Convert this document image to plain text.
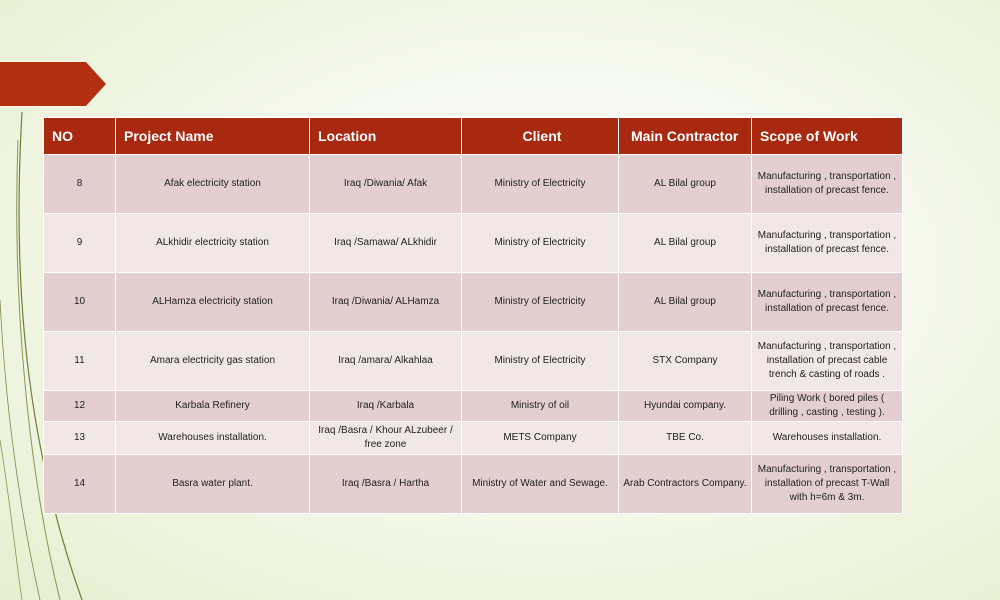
NO	Project Name	Location	Client	Main Contractor	Scope of Work
8	Afak electricity station	Iraq /Diwania/ Afak	Ministry of Electricity	AL Bilal group	Manufacturing , transportation , installation of precast fence.
9	ALkhidir electricity station	Iraq /Samawa/ ALkhidir	Ministry of Electricity	AL Bilal group	Manufacturing , transportation , installation of precast fence.
10	ALHamza electricity station	Iraq /Diwania/ ALHamza	Ministry of Electricity	AL Bilal group	Manufacturing , transportation , installation of precast fence.
11	Amara electricity gas station	Iraq /amara/ Alkahlaa	Ministry of Electricity	STX Company	Manufacturing , transportation , installation of precast cable trench & casting of roads .
12	Karbala Refinery	Iraq /Karbala	Ministry of oil	Hyundai company.	Piling Work ( bored piles ( drilling , casting , testing ).
13	Warehouses installation.	Iraq /Basra / Khour ALzubeer / free zone	METS Company	TBE Co.	Warehouses installation.
14	Basra water plant.	Iraq /Basra / Hartha	Ministry of Water and Sewage.	Arab Contractors Company.	Manufacturing , transportation , installation of precast T-Wall with h=6m & 3m.
